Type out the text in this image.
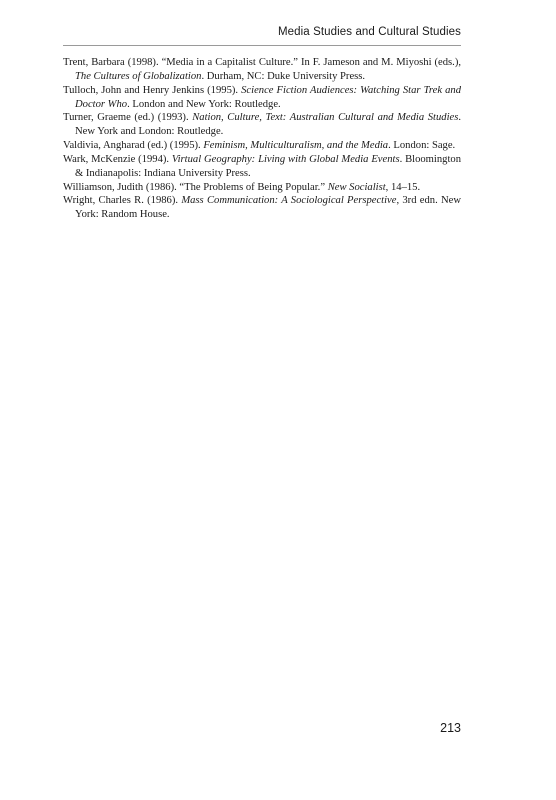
Media Studies and Cultural Studies

Trent, Barbara (1998). “Media in a Capitalist Culture.” In F. Jameson and M. Miyoshi (eds.), The Cultures of Globalization. Durham, NC: Duke University Press.

Tulloch, John and Henry Jenkins (1995). Science Fiction Audiences: Watching Star Trek and Doctor Who. London and New York: Routledge.

Turner, Graeme (ed.) (1993). Nation, Culture, Text: Australian Cultural and Media Studies. New York and London: Routledge.

Valdivia, Angharad (ed.) (1995). Feminism, Multiculturalism, and the Media. London: Sage.

Wark, McKenzie (1994). Virtual Geography: Living with Global Media Events. Bloomington & Indianapolis: Indiana University Press.

Williamson, Judith (1986). “The Problems of Being Popular.” New Socialist, 14–15.

Wright, Charles R. (1986). Mass Communication: A Sociological Perspective, 3rd edn. New York: Random House.

213
